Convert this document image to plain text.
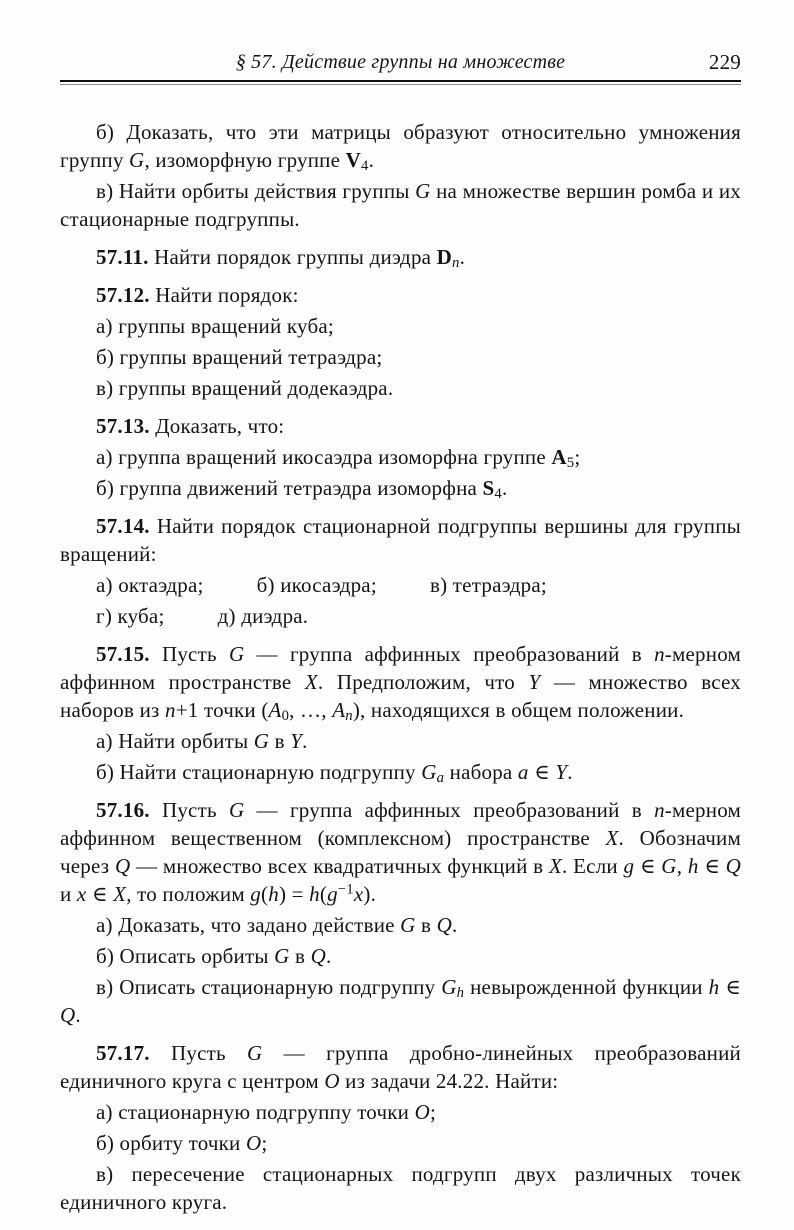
§ 57. Действие группы на множестве	229

б) Доказать, что эти матрицы образуют относительно умножения группу G, изоморфную группе $V_4$.

в) Найти орбиты действия группы G на множестве вершин ромба и их стационарные подгруппы.

57.11. Найти порядок группы диэдра $D_n$.

57.12. Найти порядок:

а) группы вращений куба;

б) группы вращений тетраэдра;

в) группы вращений додекаэдра.

57.13. Доказать, что:

а) группа вращений икосаэдра изоморфна группе $A_5$;

б) группа движений тетраэдра изоморфна $S_4$.

57.14. Найти порядок стационарной подгруппы вершины для группы вращений:

а) октаэдра;   б) икосаэдра;   в) тетраэдра;

г) куба;   д) диэдра.

57.15. Пусть G — группа аффинных преобразований в n-мерном аффинном пространстве X. Предположим, что Y — множество всех наборов из n+1 точки ($A_0$, …, $A_n$), находящихся в общем положении.

а) Найти орбиты G в Y.

б) Найти стационарную подгруппу $G_a$ набора a ∈ Y.

57.16. Пусть G — группа аффинных преобразований в n-мерном аффинном вещественном (комплексном) пространстве X. Обозначим через Q — множество всех квадратичных функций в X. Если g ∈ G, h ∈ Q и x ∈ X, то положим $g(h) = h(g^{-1}x)$.

а) Доказать, что задано действие G в Q.

б) Описать орбиты G в Q.

в) Описать стационарную подгруппу $G_h$ невырожденной функции h ∈ Q.

57.17. Пусть G — группа дробно-линейных преобразований единичного круга с центром O из задачи 24.22. Найти:

а) стационарную подгруппу точки O;

б) орбиту точки O;

в) пересечение стационарных подгрупп двух различных точек единичного круга.
